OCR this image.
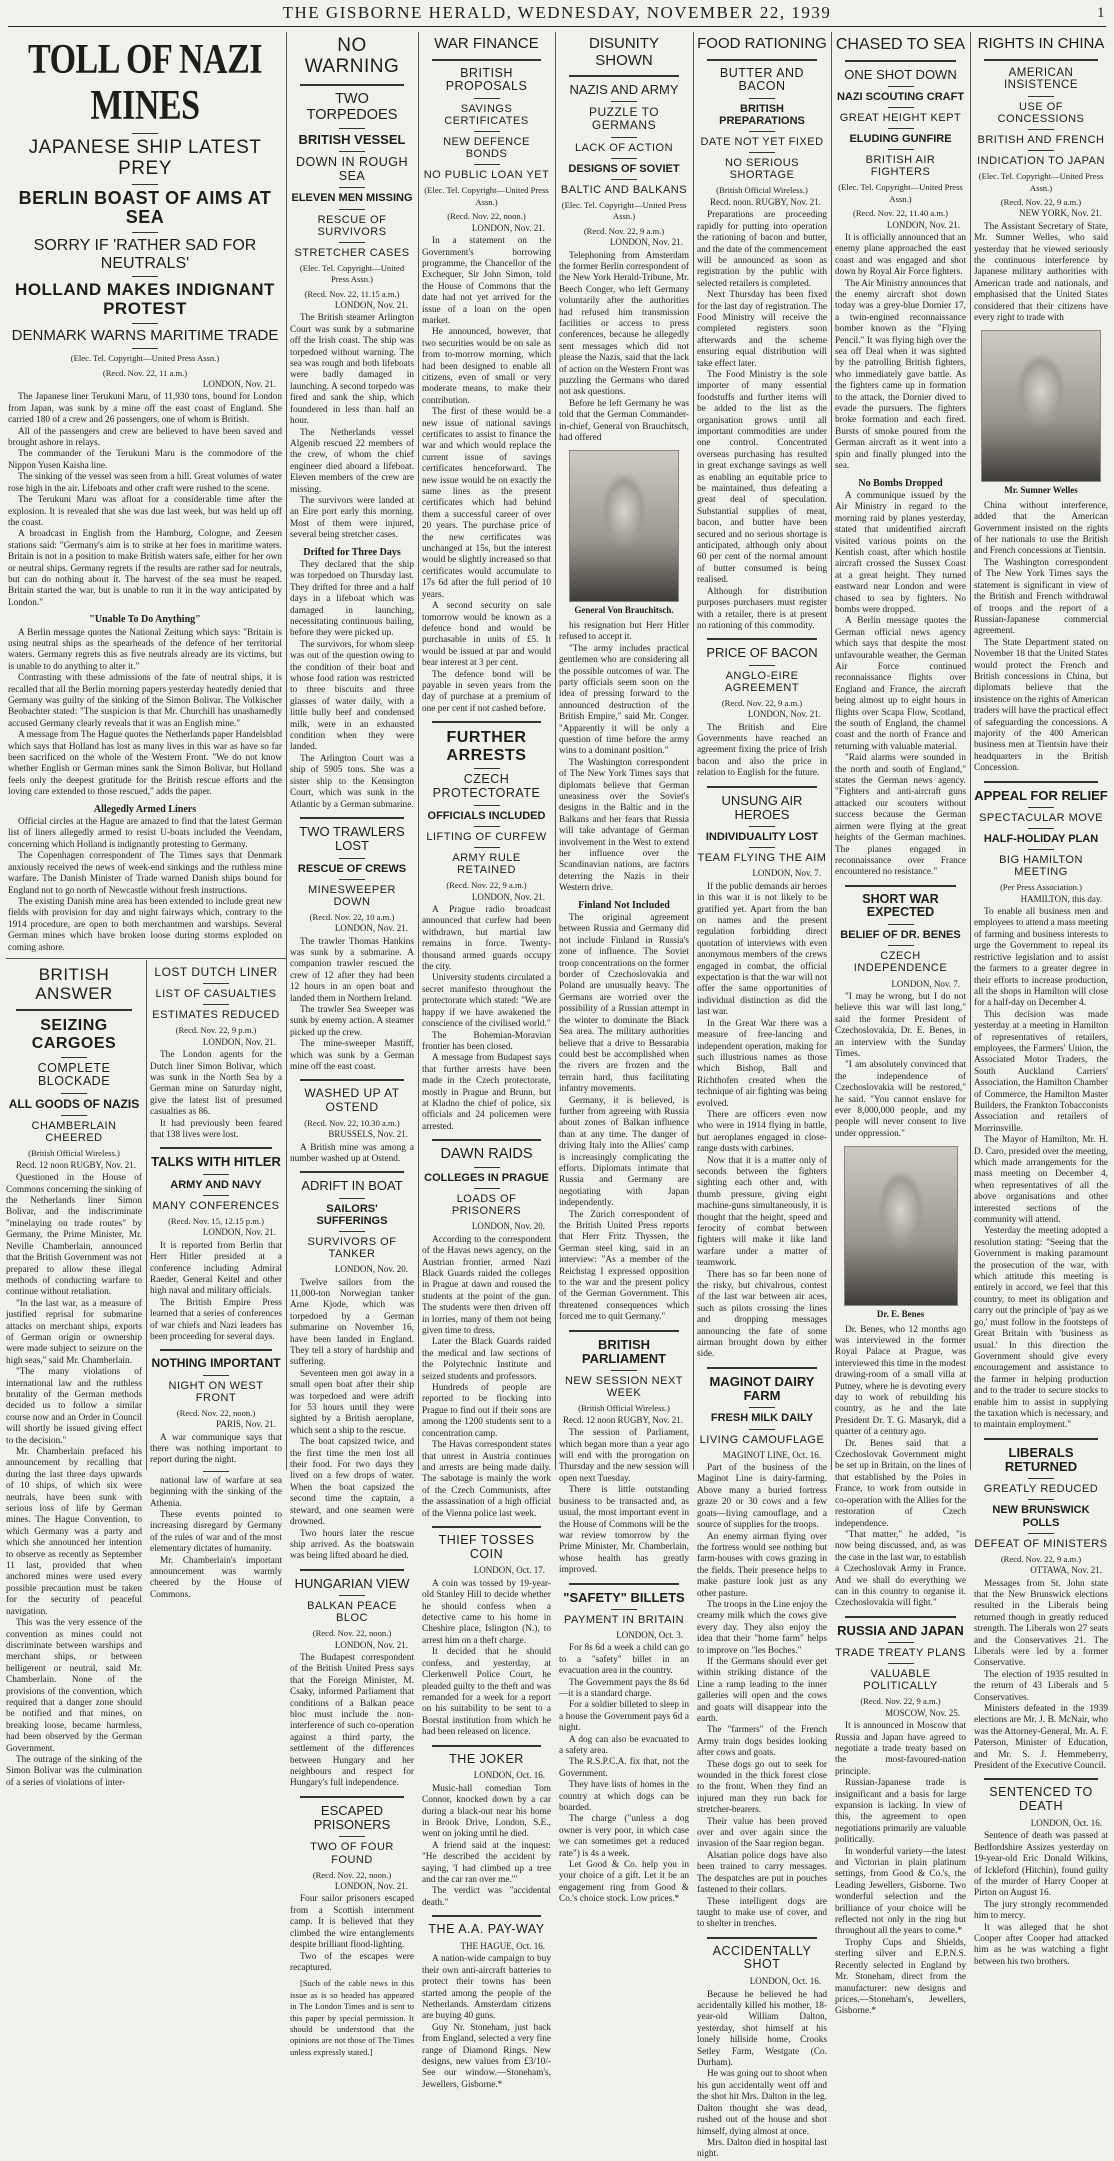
THE GISBORNE HERALD, WEDNESDAY, NOVEMBER 22, 1939	1
TOLL OF NAZI MINES
JAPANESE SHIP LATEST PREY
BERLIN BOAST OF AIMS AT SEA
SORRY IF 'RATHER SAD FOR NEUTRALS'
HOLLAND MAKES INDIGNANT PROTEST
DENMARK WARNS MARITIME TRADE
(Elec. Tel. Copyright—United Press Assn.)
(Recd. Nov. 22, 11 a.m.)
LONDON, Nov. 21.

The Japanese liner Terukuni Maru, of 11,930 tons, bound for London from Japan, was sunk by a mine off the east coast of England. She carried 180 of a crew and 26 passengers, one of whom is British.

All of the passengers and crew are believed to have been saved and brought ashore in relays.

The commander of the Terukuni Maru is the commodore of the Nippon Yusen Kaisha line.

The sinking of the vessel was seen from a hill. Great volumes of water rose high in the air. Lifeboats and other craft were rushed to the scene.

The Terukuni Maru was afloat for a considerable time after the explosion. It is revealed that she was due last week, but was held up off the coast.

A broadcast in English from the Hamburg, Cologne, and Zeesen stations said: "Germany's aim is to strike at her foes in maritime waters. Britain is not in a position to make British waters safe, either for her own or neutral ships. Germany regrets if the results are rather sad for neutrals, but can do nothing about it. The harvest of the sea must be reaped. Britain started the war, but is unable to run it in the way anticipated by London."

"Unable To Do Anything"

A Berlin message quotes the National Zeitung which says: "Britain is using neutral ships as the spearheads of the defence of her territorial waters. Germany regrets this as five neutrals already are its victims, but is unable to do anything to alter it."

Contrasting with these admissions of the fate of neutral ships, it is recalled that all the Berlin morning papers yesterday heatedly denied that Germany was guilty of the sinking of the Simon Bolivar. The Volkischer Beobachter stated: "The suspicion is that Mr. Churchill has unashamedly accused Germany clearly reveals that it was an English mine."

A message from The Hague quotes the Netherlands paper Handelsblad which says that Holland has lost as many lives in this war as have so far been sacrificed on the whole of the Western Front. "We do not know whether English or German mines sank the Simon Bolivar, but Holland feels only the deepest gratitude for the British rescue efforts and the loving care extended to those rescued," adds the paper.

Allegedly Armed Liners

Official circles at the Hague are amazed to find that the latest German list of liners allegedly armed to resist U-boats included the Veendam, concerning which Holland is indignantly protesting to Germany.

The Copenhagen correspondent of The Times says that Denmark anxiously received the news of week-end sinkings and the ruthless mine warfare. The Danish Minister of Trade warned Danish ships bound for England not to go north of Newcastle without fresh instructions.

The existing Danish mine area has been extended to include great new fields with provision for day and night fairways which, contrary to the 1914 procedure, are open to both merchantmen and warships. Several German mines which have broken loose during storms exploded on coming ashore.

BRITISH ANSWER
SEIZING CARGOES
COMPLETE BLOCKADE
ALL GOODS OF NAZIS
CHAMBERLAIN CHEERED
(British Official Wireless.)
Recd. 12 noon RUGBY, Nov. 21.

Questioned in the House of Commons concerning the sinking of the Netherlands liner Simon Bolivar, and the indiscriminate "minelaying on trade routes" by Germany, the Prime Minister, Mr. Neville Chamberlain, announced that the British Government was not prepared to allow these illegal methods of conducting warfare to continue without retaliation.

"In the last war, as a measure of justified reprisal for submarine attacks on merchant ships, exports of German origin or ownership were made subject to seizure on the high seas," said Mr. Chamberlain.

"The many violations of international law and the ruthless brutality of the German methods decided us to follow a similar course now and an Order in Council will shortly be issued giving effect to the decision."

Mr. Chamberlain prefaced his announcement by recalling that during the last three days upwards of 10 ships, of which six were neutrals, have been sunk with serious loss of life by German mines. The Hague Convention, to which Germany was a party and which she announced her intention to observe as recently as September 11 last, provided that when anchored mines were used every possible precaution must be taken for the security of peaceful navigation.

This was the very essence of the convention as mines could not discriminate between warships and merchant ships, or between belligerent or neutral, said Mr. Chamberlain. None of the provisions of the convention, which required that a danger zone should be notified and that mines, on breaking loose, became harmless, had been observed by the German Government.

The outrage of the sinking of the Simon Bolivar was the culmination of a series of violations of inter-

LOST DUTCH LINER
LIST OF CASUALTIES
ESTIMATES REDUCED
(Recd. Nov. 22, 9 p.m.)
LONDON, Nov. 21.

The London agents for the Dutch liner Simon Bolivar, which was sunk in the North Sea by a German mine on Saturday night, give the latest list of presumed casualties as 86.

It had previously been feared that 138 lives were lost.

TALKS WITH HITLER
ARMY AND NAVY
MANY CONFERENCES
(Recd. Nov. 15, 12.15 p.m.)
LONDON, Nov. 21.

It is reported from Berlin that Herr Hitler presided at a conference including Admiral Raeder, General Keitel and other high naval and military officials.

The British Empire Press learned that a series of conferences of war chiefs and Nazi leaders has been proceeding for several days.

NOTHING IMPORTANT
NIGHT ON WEST FRONT
(Recd. Nov. 22, noon.)
PARIS, Nov. 21.

A war communique says that there was nothing important to report during the night.

national law of warfare at sea beginning with the sinking of the Athenia.

These events pointed to increasing disregard by Germany of the rules of war and of the most elementary dictates of humanity.

Mr. Chamberlain's important announcement was warmly cheered by the House of Commons.

NO WARNING
TWO TORPEDOES
BRITISH VESSEL
DOWN IN ROUGH SEA
ELEVEN MEN MISSING
RESCUE OF SURVIVORS
STRETCHER CASES
(Elec. Tel. Copyright—United Press Assn.)
(Recd. Nov. 22, 11.15 a.m.)
LONDON, Nov. 21.

The British steamer Arlington Court was sunk by a submarine off the Irish coast. The ship was torpedoed without warning. The sea was rough and both lifeboats were badly damaged in launching. A second torpedo was fired and sank the ship, which foundered in less than half an hour.

The Netherlands vessel Algenib rescued 22 members of the crew, of whom the chief engineer died aboard a lifeboat. Eleven members of the crew are missing.

The survivors were landed at an Eire port early this morning. Most of them were injured, several being stretcher cases.

Drifted for Three Days

They declared that the ship was torpedoed on Thursday last. They drifted for three and a half days in a lifeboat which was damaged in launching, necessitating continuous bailing, before they were picked up.

The survivors, for whom sleep was out of the question owing to the condition of their boat and whose food ration was restricted to three biscuits and three glasses of water daily, with a little bully beef and condensed milk, were in an exhausted condition when they were landed.

The Arlington Court was a ship of 5905 tons. She was a sister ship to the Kensington Court, which was sunk in the Atlantic by a German submarine.

TWO TRAWLERS LOST
RESCUE OF CREWS
MINESWEEPER DOWN
(Recd. Nov. 22, 10 a.m.)
LONDON, Nov. 21.

The trawler Thomas Hankins was sunk by a submarine. A companion trawler rescued the crew of 12 after they had been 12 hours in an open boat and landed them in Northern Ireland.

The trawler Sea Sweeper was sunk by enemy action. A steamer picked up the crew.

The mine-sweeper Mastiff, which was sunk by a German mine off the east coast.

WASHED UP AT OSTEND
(Recd. Nov. 22, 10.30 a.m.)
BRUSSELS, Nov. 21.

A British mine was among a number washed up at Ostend.

ADRIFT IN BOAT
SAILORS' SUFFERINGS
SURVIVORS OF TANKER
LONDON, Nov. 20.

Twelve sailors from the 11,000-ton Norwegian tanker Arne Kjode, which was torpedoed by a German submarine on November 16, have been landed in England. They tell a story of hardship and suffering.

Seventeen men got away in a small open boat after their ship was torpedoed and were adrift for 53 hours until they were sighted by a British aeroplane, which sent a ship to the rescue.

The boat capsized twice, and the first time the men lost all their food. For two days they lived on a few drops of water. When the boat capsized the second time the captain, a steward, and one seamen were drowned.

Two hours later the rescue ship arrived. As the boatswain was being lifted aboard he died.

HUNGARIAN VIEW
BALKAN PEACE BLOC
(Recd. Nov. 22, noon.)
LONDON, Nov. 21.

The Budapest correspondent of the British United Press says that the Foreign Minister, M. Csaky, informed Parliament that conditions of a Balkan peace bloc must include the non-interference of such co-operation against a third party, the settlement of the differences between Hungary and her neighbours and respect for Hungary's full independence.

ESCAPED PRISONERS
TWO OF FOUR FOUND
(Recd. Nov. 22, noon.)
LONDON, Nov. 21.

Four sailor prisoners escaped from a Scottish internment camp. It is believed that they climbed the wire entanglements despite brilliant flood-lighting.

Two of the escapes were recaptured.

[Such of the cable news in this issue as is so headed has appeared in The London Times and is sent to this paper by special permission. It should be understood that the opinions are not those of The Times unless expressly stated.]

WAR FINANCE
BRITISH PROPOSALS
SAVINGS CERTIFICATES
NEW DEFENCE BONDS
NO PUBLIC LOAN YET
(Elec. Tel. Copyright—United Press Assn.)
(Recd. Nov. 22, noon.)
LONDON, Nov. 21.

In a statement on the Government's borrowing programme, the Chancellor of the Exchequer, Sir John Simon, told the House of Commons that the date had not yet arrived for the issue of a loan on the open market.

He announced, however, that two securities would be on sale as from to-morrow morning, which had been designed to enable all citizens, even of small or very moderate means, to make their contribution.

The first of these would be a new issue of national savings certificates to assist to finance the war and which would replace the current issue of savings certificates henceforward. The new issue would be on exactly the same lines as the present certificates which had behind them a successful career of over 20 years. The purchase price of the new certificates was unchanged at 15s, but the interest would be slightly increased so that certificates would accumulate to 17s 6d after the full period of 10 years.

A second security on sale tomorrow would be known as a defence bond and would be purchasable in units of £5. It would be issued at par and would bear interest at 3 per cent.

The defence bond will be payable in seven years from the day of purchase at a premium of one per cent if not cashed before.

FURTHER ARRESTS
CZECH PROTECTORATE
OFFICIALS INCLUDED
LIFTING OF CURFEW
ARMY RULE RETAINED
(Recd. Nov. 22, 9 a.m.)
LONDON, Nov. 21.

A Prague radio broadcast announced that curfew had been withdrawn, but martial law remains in force. Twenty-thousand armed guards occupy the city.

University students circulated a secret manifesto throughout the protectorate which stated: "We are happy if we have awakened the conscience of the civilised world."

The Bohemian-Moravian frontier has been closed.

A message from Budapest says that further arrests have been made in the Czech protectorate, mostly in Prague and Brunn, but at Kladno the chief of police, six officials and 24 policemen were arrested.

DAWN RAIDS
COLLEGES IN PRAGUE
LOADS OF PRISONERS
LONDON, Nov. 20.

According to the correspondent of the Havas news agency, on the Austrian frontier, armed Nazi Black Guards raided the colleges in Prague at dawn and roused the students at the point of the gun. The students were then driven off in lorries, many of them not being given time to dress.

Later the Black Guards raided the medical and law sections of the Polytechnic Institute and seized students and professors.

Hundreds of people are reported to be flocking into Prague to find out if their sons are among the 1200 students sent to a concentration camp.

The Havas correspondent states that unrest in Austria continues and arrests are being made daily. The sabotage is mainly the work of the Czech Communists, after the assassination of a high official of the Vienna police last week.

THIEF TOSSES COIN
LONDON, Oct. 17.

A coin was tossed by 19-year-old Stanley Hill to decide whether he should confess when a detective came to his home in Cheshire place, Islington (N.), to arrest him on a theft charge.

It decided that he should confess, and yesterday, at Clerkenwell Police Court, he pleaded guilty to the theft and was remanded for a week for a report on his suitability to be sent to a Borstal institution from which he had been released on licence.

THE JOKER
LONDON, Oct. 16.

Music-hall comedian Tom Connor, knocked down by a car during a black-out near his home in Brook Drive, London, S.E., went on joking until he died.

A friend said at the inquest: "He described the accident by saying, 'I had climbed up a tree and the car ran over me.'"

The verdict was "accidental death."

THE A.A. PAY-WAY
THE HAGUE, Oct. 16.

A nation-wide campaign to buy their own anti-aircraft batteries to protect their towns has been started among the people of the Netherlands. Amsterdam citizens are buying 40 guns.

Guy Nr. Stoneham, just back from England, selected a very fine range of Diamond Rings. New designs, new values from £3/10/- See our window.—Stoneham's, Jewellers, Gisborne.*

DISUNITY SHOWN
NAZIS AND ARMY
PUZZLE TO GERMANS
LACK OF ACTION
DESIGNS OF SOVIET
BALTIC AND BALKANS
(Elec. Tel. Copyright—United Press Assn.)
(Recd. Nov. 22, 9 a.m.)
LONDON, Nov. 21.

Telephoning from Amsterdam the former Berlin correspondent of the New York Herald-Tribune, Mr. Beech Conger, who left Germany voluntarily after the authorities had refused him transmission facilities or access to press conferences, because he allegedly sent messages which did not please the Nazis, said that the lack of action on the Western Front was puzzling the Germans who dared not ask questions.

Before he left Germany he was told that the German Commander-in-chief, General von Brauchitsch, had offered

General Von Brauchitsch.

his resignation but Herr Hitler refused to accept it.

"The army includes practical gentlemen who are considering all the possible outcomes of war. The party officials seem soon on the idea of pressing forward to the announced destruction of the British Empire," said Mr. Conger. "Apparently it will be only a question of time before the army wins to a dominant position."

The Washington correspondent of The New York Times says that diplomats believe that German uneasiness over the Soviet's designs in the Baltic and in the Balkans and her fears that Russia will take advantage of German involvement in the West to extend her influence over the Scandinavian nations, are factors deterring the Nazis in their Western drive.

Finland Not Included

The original agreement between Russia and Germany did not include Finland in Russia's zone of influence. The Soviet troop concentrations on the former border of Czechoslovakia and Poland are unusually heavy. The Germans are worried over the possibility of a Russian attempt in the winter to dominate the Black Sea area. The military authorities believe that a drive to Bessarabia could best be accomplished when the rivers are frozen and the terrain hard, thus facilitating infantry movements.

Germany, it is believed, is further from agreeing with Russia about zones of Balkan influence than at any time. The danger of driving Italy into the Allies' camp is increasingly complicating the efforts. Diplomats intimate that Russia and Germany are negotiating with Japan independently.

The Zurich correspondent of the British United Press reports that Herr Fritz Thyssen, the German steel king, said in an interview: "As a member of the Reichstag I expressed opposition to the war and the present policy of the German Government. This threatened consequences which forced me to quit Germany."

BRITISH PARLIAMENT
NEW SESSION NEXT WEEK
(British Official Wireless.)
Recd. 12 noon RUGBY, Nov. 21.

The session of Parliament, which began more than a year ago will end with the prorogation on Thursday and the new session will open next Tuesday.

There is little outstanding business to be transacted and, as usual, the most important event in the House of Commons will be the war review tomorrow by the Prime Minister, Mr. Chamberlain, whose health has greatly improved.

"SAFETY" BILLETS
PAYMENT IN BRITAIN
LONDON, Oct. 3.

For 8s 6d a week a child can go to a "safety" billet in an evacuation area in the country.

The Government pays the 8s 6d—it is a standard charge.

For a soldier billeted to sleep in a house the Government pays 6d a night.

A dog can also be evacuated to a safety area.

The R.S.P.C.A. fix that, not the Government.

They have lists of homes in the country at which dogs can be boarded.

The charge ("unless a dog owner is very poor, in which case we can sometimes get a reduced rate") is 4s a week.

Let Good & Co. help you in your choice of a gift. Let it be an engagement ring from Good & Co.'s choice stock. Low prices.*

FOOD RATIONING
BUTTER AND BACON
BRITISH PREPARATIONS
DATE NOT YET FIXED
NO SERIOUS SHORTAGE
(British Official Wireless.)
Recd. noon. RUGBY, Nov. 21.

Preparations are proceeding rapidly for putting into operation the rationing of bacon and butter, and the date of the commencement will be announced as soon as registration by the public with selected retailers is completed.

Next Thursday has been fixed for the last day of registration. The Food Ministry will receive the completed registers soon afterwards and the scheme ensuring equal distribution will take effect later.

The Food Ministry is the sole importer of many essential foodstuffs and further items will be added to the list as the organisation grows until all important commodities are under one control. Concentrated overseas purchasing has resulted in great exchange savings as well as enabling an equitable price to be maintained, thus defeating a great deal of speculation. Substantial supplies of meat, bacon, and butter have been secured and no serious shortage is anticipated, although only about 60 per cent of the normal amount of butter consumed is being realised.

Although for distribution purposes purchasers must register with a retailer, there is at present no rationing of this commodity.

PRICE OF BACON
ANGLO-EIRE AGREEMENT
(Recd. Nov. 22, 9 a.m.)
LONDON, Nov. 21.

The British and Eire Governments have reached an agreement fixing the price of Irish bacon and also the price in relation to English for the future.

UNSUNG AIR HEROES
INDIVIDUALITY LOST
TEAM FLYING THE AIM
LONDON, Nov. 7.

If the public demands air heroes in this war it is not likely to be gratified yet. Apart from the ban on names and the present regulation forbidding direct quotation of interviews with even anonymous members of the crews engaged in combat, the official expectation is that the war will not offer the same opportunities of individual distinction as did the last war.

In the Great War there was a measure of free-lancing and independent operation, making for such illustrious names as those which Bishop, Ball and Richthofen created when the technique of air fighting was being evolved.

There are officers even now who were in 1914 flying in battle, but aeroplanes engaged in close-range dusts with carbines.

Now that it is a matter only of seconds between the fighters sighting each other and, with thumb pressure, giving eight machine-guns simultaneously, it is thought that the height, speed and ferocity of combat between fighters will make it like land warfare under a matter of teamwork.

There has so far been none of the risky, but chivalrous, contest of the last war between air aces, such as pilots crossing the lines and dropping messages announcing the fate of some airman brought down by either side.

MAGINOT DAIRY FARM
FRESH MILK DAILY
LIVING CAMOUFLAGE
MAGINOT LINE, Oct. 16.

Part of the business of the Maginot Line is dairy-farming. Above many a buried fortress graze 20 or 30 cows and a few goats—living camouflage, and a source of supplies for the troops.

An enemy airman flying over the fortress would see nothing but farm-houses with cows grazing in the fields. Their presence helps to make pasture look just as any other pasture.

The troops in the Line enjoy the creamy milk which the cows give every day. They also enjoy the idea that their "home farm" helps to improve on "les Boches."

If the Germans should ever get within striking distance of the Line a ramp leading to the inner galleries will open and the cows and goats will disappear into the earth.

The "farmers" of the French Army train dogs besides looking after cows and goats.

These dogs go out to seek for wounded in the thick forest close to the front. When they find an injured man they run back for stretcher-bearers.

Their value has been proved over and over again since the invasion of the Saar region began.

Alsatian police dogs have also been trained to carry messages. The despatches are put in pouches fastened to their collars.

These intelligent dogs are taught to make use of cover, and to shelter in trenches.

ACCIDENTALLY SHOT
LONDON, Oct. 16.

Because he believed he had accidentally killed his mother, 18-year-old William Dalton, yesterday, shot himself at his lonely hillside home, Crooks Setley Farm, Westgate (Co. Durham).

He was going out to shoot when his gun accidentally went off and the shot hit Mrs. Dalton in the leg. Dalton thought she was dead, rushed out of the house and shot himself, dying almost at once.

Mrs. Dalton died in hospital last night.

CHASED TO SEA
ONE SHOT DOWN
NAZI SCOUTING CRAFT
GREAT HEIGHT KEPT
ELUDING GUNFIRE
BRITISH AIR FIGHTERS
(Elec. Tel. Copyright—United Press Assn.)
(Recd. Nov. 22, 11.40 a.m.)
LONDON, Nov. 21.

It is officially announced that an enemy plane approached the east coast and was engaged and shot down by Royal Air Force fighters.

The Air Ministry announces that the enemy aircraft shot down today was a grey-blue Dornier 17, a twin-engined reconnaissance bomber known as the "Flying Pencil." It was flying high over the sea off Deal when it was sighted by the patrolling British fighters, who immediately gave battle. As the fighters came up in formation to the attack, the Dornier dived to evade the pursuers. The fighters broke formation and each fired. Bursts of smoke poured from the German aircraft as it went into a spin and finally plunged into the sea.

No Bombs Dropped

A communique issued by the Air Ministry in regard to the morning raid by planes yesterday, stated that unidentified aircraft visited various points on the Kentish coast, after which hostile aircraft crossed the Sussex Coast at a great height. They turned eastward near London and were chased to sea by fighters. No bombs were dropped.

A Berlin message quotes the German official news agency which says that despite the most unfavourable weather, the German Air Force continued reconnaissance flights over England and France, the aircraft being almost up to eight hours in flights over Scapa Flow, Scotland, the south of England, the channel coast and the north of France and returning with valuable material.

"Raid alarms were sounded in the north and south of England," states the German news agency. "Fighters and anti-aircraft guns attacked our scouters without success because the German airmen were flying at the great heights of the German machines. The planes engaged in reconnaissance over France encountered no resistance."

SHORT WAR EXPECTED
BELIEF OF DR. BENES
CZECH INDEPENDENCE
LONDON, Nov. 7.

"I may be wrong, but I do not believe this war will last long," said the former President of Czechoslovakia, Dr. E. Benes, in an interview with the Sunday Times.

"I am absolutely convinced that the independence of Czechoslovakia will be restored," he said. "You cannot enslave for ever 8,000,000 people, and my people will never consent to live under oppression."

Dr. E. Benes

Dr. Benes, who 12 months ago was interviewed in the former Royal Palace at Prague, was interviewed this time in the modest drawing-room of a small villa at Putney, where he is devoting every day to work of rebuilding his country, as he and the late President Dr. T. G. Masaryk, did a quarter of a century ago.

Dr. Benes said that a Czechoslovak Government might be set up in Britain, on the lines of that established by the Poles in France, to work from outside in co-operation with the Allies for the restoration of Czech independence.

"That matter," he added, "is now being discussed, and, as was the case in the last war, to establish a Czechoslovak Army in France. And we shall do everything we can in this country to organise it. Czechoslovakia will fight."

RUSSIA AND JAPAN
TRADE TREATY PLANS
VALUABLE POLITICALLY
(Recd. Nov. 22, 9 a.m.)
MOSCOW, Nov. 25.

It is announced in Moscow that Russia and Japan have agreed to negotiate a trade treaty based on the most-favoured-nation principle.

Russian-Japanese trade is insignificant and a basis for large expansion is lacking. In view of this, the agreement to open negotiations primarily are valuable politically.

In wonderful variety—the latest and Victorian in plain platinum settings, from Good & Co.'s, the Leading Jewellers, Gisborne. Two wonderful selection and the brilliance of your choice will be reflected not only in the ring but throughout all the years to come.*

Trophy Cups and Shields, sterling silver and E.P.N.S. Recently selected in England by Mr. Stoneham, direct from the manufacturer: new designs and prices.—Stoneham's, Jewellers, Gisborne.*

RIGHTS IN CHINA
AMERICAN INSISTENCE
USE OF CONCESSIONS
BRITISH AND FRENCH
INDICATION TO JAPAN
(Elec. Tel. Copyright—United Press Assn.)
(Recd. Nov. 22, 9 a.m.)
NEW YORK, Nov. 21.

The Assistant Secretary of State, Mr. Sumner Welles, who said yesterday that he viewed seriously the continuous interference by Japanese military authorities with American trade and nationals, and emphasised that the United States considered that their citizens have every right to trade with

Mr. Sumner Welles

China without interference, added that the American Government insisted on the rights of her nationals to use the British and French concessions at Tientsin.

The Washington correspondent of The New York Times says the statement is significant in view of the British and French withdrawal of troops and the report of a Russian-Japanese commercial agreement.

The State Department stated on November 18 that the United States would protect the French and British concessions in China, but diplomats believe that the insistence on the rights of American traders will have the practical effect of safeguarding the concessions. A majority of the 400 American business men at Tientsin have their headquarters in the British Concession.

APPEAL FOR RELIEF
SPECTACULAR MOVE
HALF-HOLIDAY PLAN
BIG HAMILTON MEETING
(Per Press Association.)
HAMILTON, this day.

To enable all business men and employees to attend a mass meeting of farming and business interests to urge the Government to repeal its restrictive legislation and to assist the farmers to a greater degree in their efforts to increase production, all the shops in Hamilton will close for a half-day on December 4.

This decision was made yesterday at a meeting in Hamilton of representatives of retailers, employees, the Farmers' Union, the Associated Motor Traders, the South Auckland Carriers' Association, the Hamilton Chamber of Commerce, the Hamilton Master Builders, the Frankton Tobacconists Association and retailers of Morrinsville.

The Mayor of Hamilton, Mr. H. D. Caro, presided over the meeting, which made arrangements for the mass meeting on December 4, when representatives of all the above organisations and other interested sections of the community will attend.

Yesterday the meeting adopted a resolution stating: "Seeing that the Government is making paramount the prosecution of the war, with which attitude this meeting is entirely in accord, we feel that this country, to meet its obligation and carry out the principle of 'pay as we go,' must follow in the footsteps of Great Britain with 'business as usual.' In this direction the Government should give every encouragement and assistance to the farmer in helping production and to the trader to secure stocks to enable him to assist in supplying the taxation which is necessary, and to maintain employment."

LIBERALS RETURNED
GREATLY REDUCED
NEW BRUNSWICK POLLS
DEFEAT OF MINISTERS
(Recd. Nov. 22, 9 a.m.)
OTTAWA, Nov. 21.

Messages from St. John state that the New Brunswick elections resulted in the Liberals being returned though in greatly reduced strength. The Liberals won 27 seats and the Conservatives 21. The Liberals were led by a former Conservative.

The election of 1935 resulted in the return of 43 Liberals and 5 Conservatives.

Ministers defeated in the 1939 elections are Mr. J. B. McNair, who was the Attorney-General, Mr. A. F. Paterson, Minister of Education, and Mr. S. J. Hemmeberry, President of the Executive Council.

SENTENCED TO DEATH
LONDON, Oct. 16.

Sentence of death was passed at Bedfordshire Assizes yesterday on 19-year-old Eric Donald Wilkins, of Ickleford (Hitchin), found guilty of the murder of Harry Cooper at Pirton on August 16.

The jury strongly recommended him to mercy.

It was alleged that he shot Cooper after Cooper had attacked him as he was watching a fight between his two brothers.
